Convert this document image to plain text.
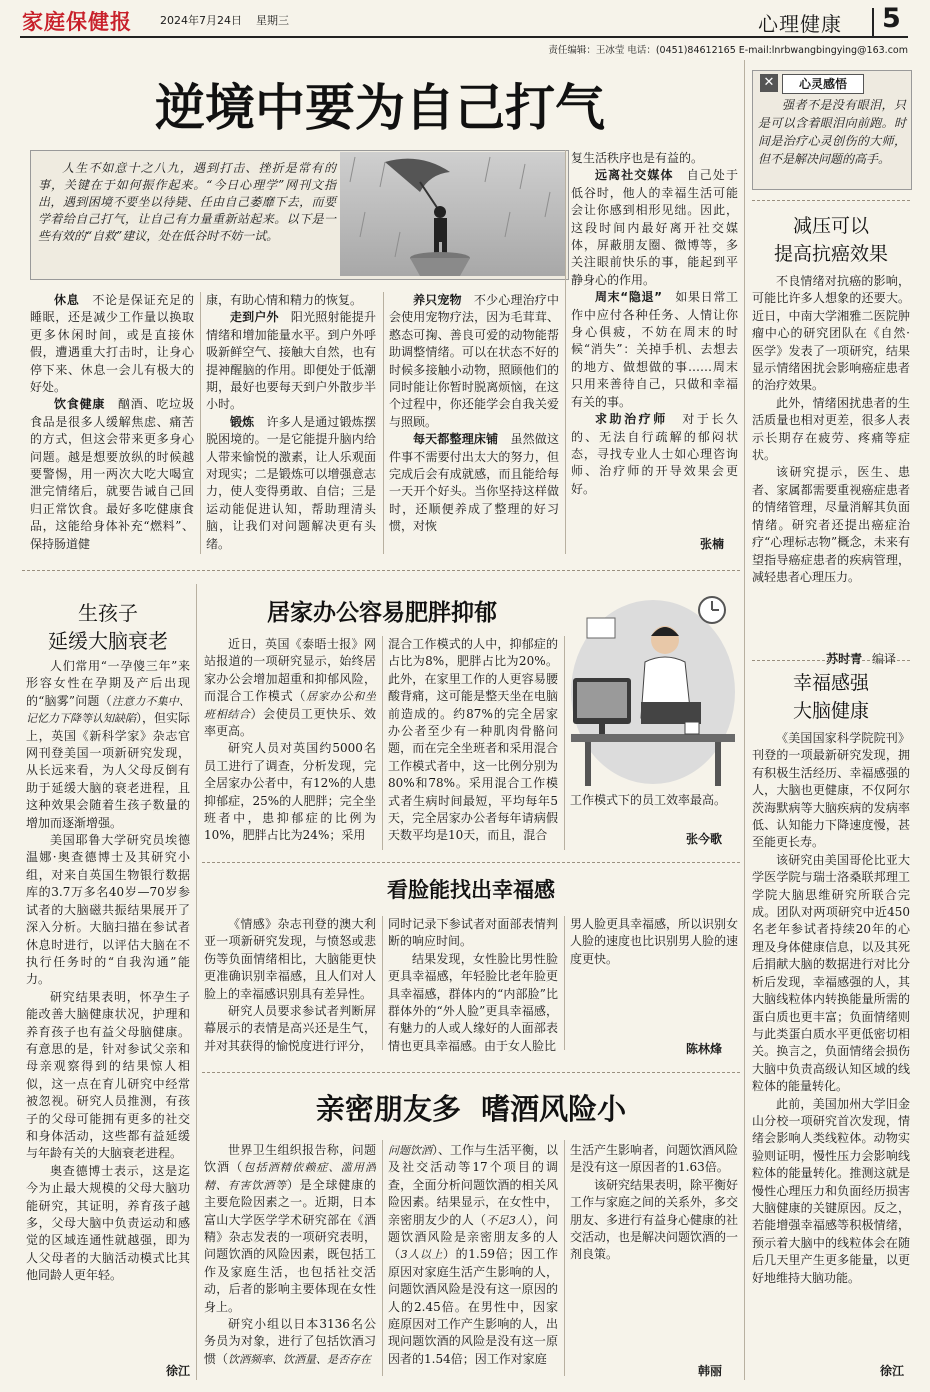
家庭保健报	2024年7月24日 星期三	心理健康 5
责任编辑：王冰莹 电话：(0451)84612165 E-mail:lnrbwangbingying@163.com
逆境中要为自己打气
人生不如意十之八九，遇到打击、挫折是常有的事，关键在于如何振作起来。“今日心理学”网刊文指出，遇到困境不要坐以待毙、任由自己萎靡下去，而要学着给自己打气，让自己有力量重新站起来。以下是一些有效的“自救”建议，处在低谷时不妨一试。

休息　 不论是保证充足的睡眠，还是减少工作量以换取更多休闲时间，或是直接休假，遭遇重大打击时，让身心停下来、休息一会儿有极大的好处。

饮食健康　 酗酒、吃垃圾食品是很多人缓解焦虑、痛苦的方式，但这会带来更多身心问题。越是想要放纵的时候越要警惕，用一两次大吃大喝宣泄完情绪后，就要告诫自己回归正常饮食。最好多吃健康食品，这能给身体补充“燃料”、保持肠道健

康，有助心情和精力的恢复。

走到户外　 阳光照射能提升情绪和增加能量水平。到户外呼吸新鲜空气、接触大自然，也有提神醒脑的作用。即便处于低潮期，最好也要每天到户外散步半小时。

锻炼　 许多人是通过锻炼摆脱困境的。一是它能提升脑内给人带来愉悦的激素，让人乐观面对现实；二是锻炼可以增强意志力，使人变得勇敢、自信；三是运动能促进认知，帮助理清头脑，让我们对问题解决更有头绪。

养只宠物　 不少心理治疗中会使用宠物疗法，因为毛茸茸、憨态可掬、善良可爱的动物能帮助调整情绪。可以在状态不好的时候多接触小动物，照顾他们的同时能让你暂时脱离烦恼，在这个过程中，你还能学会自我关爱与照顾。

每天都整理床铺　 虽然做这件事不需要付出太大的努力，但完成后会有成就感，而且能给每一天开个好头。当你坚持这样做时，还顺便养成了整理的好习惯，对恢

复生活秩序也是有益的。

远离社交媒体　 自己处于低谷时，他人的幸福生活可能会让你感到相形见绌。因此，这段时间内最好离开社交媒体，屏蔽朋友圈、微博等，多关注眼前快乐的事，能起到平静身心的作用。

周末“隐退”　 如果日常工作中应付各种任务、人情让你身心俱疲，不妨在周末的时候“消失”：关掉手机、去想去的地方、做想做的事……周末只用来善待自己，只做和幸福有关的事。

求助治疗师　 对于长久的、无法自行疏解的郁闷状态，寻找专业人士如心理咨询师、治疗师的开导效果会更好。

张楠
✕	心灵感悟
强者不是没有眼泪，只是可以含着眼泪向前跑。时间是治疗心灵创伤的大师，但不是解决问题的高手。
减压可以
提高抗癌效果

不良情绪对抗癌的影响，可能比许多人想象的还要大。近日，中南大学湘雅二医院肿瘤中心的研究团队在《自然·医学》发表了一项研究，结果显示情绪困扰会影响癌症患者的治疗效果。

此外，情绪困扰患者的生活质量也相对更差，很多人表示长期存在疲劳、疼痛等症状。

该研究提示，医生、患者、家属都需要重视癌症患者的情绪管理，尽量消解其负面情绪。研究者还提出癌症治疗“心理标志物”概念，未来有望指导癌症患者的疾病管理，减轻患者心理压力。

苏时青 编译
幸福感强
大脑健康

《美国国家科学院院刊》刊登的一项最新研究发现，拥有积极生活经历、幸福感强的人，大脑也更健康，不仅阿尔茨海默病等大脑疾病的发病率低、认知能力下降速度慢，甚至能更长寿。

该研究由美国哥伦比亚大学医学院与瑞士洛桑联邦理工学院大脑思维研究所联合完成。团队对两项研究中近450名老年参试者持续20年的心理及身体健康信息，以及其死后捐献大脑的数据进行对比分析后发现，幸福感强的人，其大脑线粒体内转换能量所需的蛋白质也更丰富；负面情绪则与此类蛋白质水平更低密切相关。换言之，负面情绪会损伤大脑中负责高级认知区域的线粒体的能量转化。

此前，美国加州大学旧金山分校一项研究首次发现，情绪会影响人类线粒体。动物实验则证明，慢性压力会影响线粒体的能量转化。推测这就是慢性心理压力和负面经历损害大脑健康的关键原因。反之，若能增强幸福感等积极情绪，预示着大脑中的线粒体会在随后几天里产生更多能量，以更好地维持大脑功能。

徐江
生孩子
延缓大脑衰老

人们常用“一孕傻三年”来形容女性在孕期及产后出现的“脑雾”问题（注意力不集中、记忆力下降等认知缺陷），但实际上，英国《新科学家》杂志官网刊登美国一项新研究发现，从长远来看，为人父母反倒有助于延缓大脑的衰老进程，且这种效果会随着生孩子数量的增加而逐渐增强。

美国耶鲁大学研究员埃德温娜·奥查德博士及其研究小组，对来自英国生物银行数据库的3.7万多名40岁—70岁参试者的大脑磁共振结果展开了深入分析。大脑扫描在参试者休息时进行，以评估大脑在不执行任务时的“自我沟通”能力。

研究结果表明，怀孕生子能改善大脑健康状况，护理和养育孩子也有益父母脑健康。有意思的是，针对参试父亲和母亲观察得到的结果惊人相似，这一点在育儿研究中经常被忽视。研究人员推测，有孩子的父母可能拥有更多的社交和身体活动，这些都有益延缓与年龄有关的大脑衰老进程。

奥查德博士表示，这是迄今为止最大规模的父母大脑功能研究，其证明，养育孩子越多，父母大脑中负责运动和感觉的区域连通性就越强，即为人父母者的大脑活动模式比其他同龄人更年轻。

徐江
居家办公容易肥胖抑郁

近日，英国《泰晤士报》网站报道的一项研究显示，始终居家办公会增加超重和抑郁风险，而混合工作模式（居家办公和坐班相结合）会使员工更快乐、效率更高。

研究人员对英国约5000名员工进行了调查，分析发现，完全居家办公者中，有12%的人患抑郁症，25%的人肥胖；完全坐班者中，患抑郁症的比例为10%，肥胖占比为24%；采用

混合工作模式的人中，抑郁症的占比为8%，肥胖占比为20%。此外，在家里工作的人更容易腰酸背痛，这可能是整天坐在电脑前造成的。约87%的完全居家办公者至少有一种肌肉骨骼问题，而在完全坐班者和采用混合工作模式者中，这一比例分别为80%和78%。采用混合工作模式者生病时间最短，平均每年5天，完全居家办公者每年请病假天数平均是10天，而且，混合

工作模式下的员工效率最高。

张今歌
看脸能找出幸福感

《情感》杂志刊登的澳大利亚一项新研究发现，与愤怒或悲伤等负面情绪相比，大脑能更快更准确识别幸福感，且人们对人脸上的幸福感识别具有差异性。

研究人员要求参试者判断屏幕展示的表情是高兴还是生气，并对其获得的愉悦度进行评分，

同时记录下参试者对面部表情判断的响应时间。

结果发现，女性脸比男性脸更具幸福感，年轻脸比老年脸更具幸福感，群体内的“内部脸”比群体外的“外人脸”更具幸福感，有魅力的人或人缘好的人面部表情也更具幸福感。由于女人脸比

男人脸更具幸福感，所以识别女人脸的速度也比识别男人脸的速度更快。

陈林烽
亲密朋友多  嗜酒风险小

世界卫生组织报告称，问题饮酒（包括酒精依赖症、滥用酒精、有害饮酒等）是全球健康的主要危险因素之一。近期，日本富山大学医学学术研究部在《酒精》杂志发表的一项研究表明，问题饮酒的风险因素，既包括工作及家庭生活，也包括社交活动，后者的影响主要体现在女性身上。

研究小组以日本3136名公务员为对象，进行了包括饮酒习惯（饮酒频率、饮酒量、是否存在

问题饮酒）、工作与生活平衡，以及社交活动等17个项目的调查，全面分析问题饮酒的相关风险因素。结果显示，在女性中，亲密朋友少的人（不足3人），问题饮酒风险是亲密朋友多的人（3人以上）的1.59倍；因工作原因对家庭生活产生影响的人，问题饮酒风险是没有这一原因的人的2.45倍。在男性中，因家庭原因对工作产生影响的人，出现问题饮酒的风险是没有这一原因者的1.54倍；因工作对家庭

生活产生影响者，问题饮酒风险是没有这一原因者的1.63倍。

该研究结果表明，除平衡好工作与家庭之间的关系外，多交朋友、多进行有益身心健康的社交活动，也是解决问题饮酒的一剂良策。

韩丽
